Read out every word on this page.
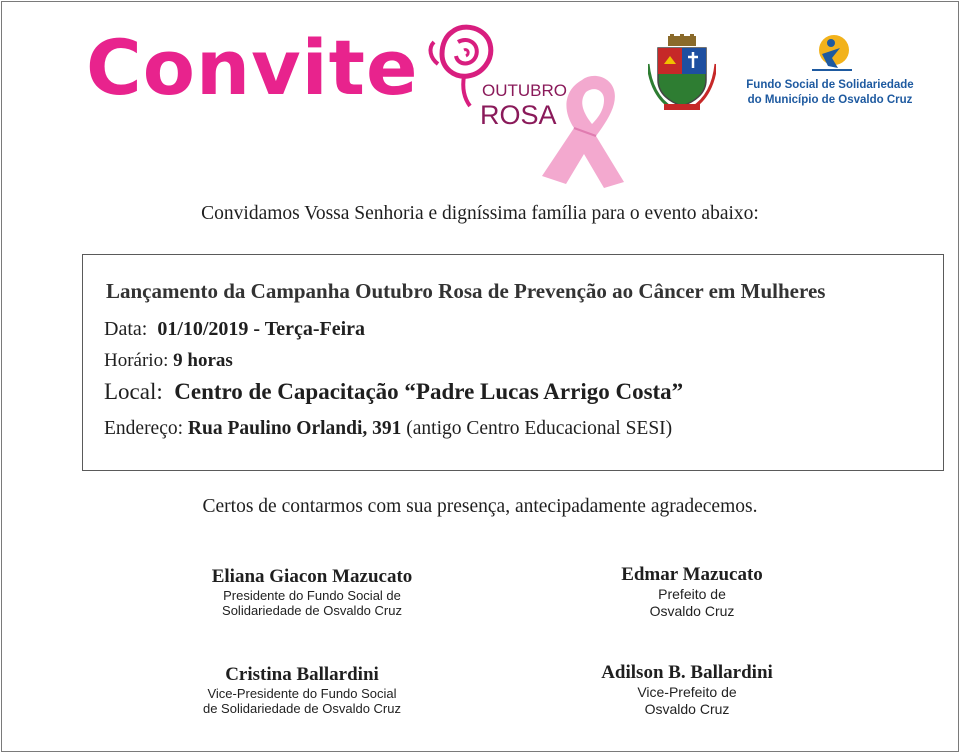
Convite	OUTUBRO
ROSA
Fundo Social de Solidariedade
do Município de Osvaldo Cruz
Convidamos Vossa Senhoria e digníssima família para o evento abaixo:
Lançamento da Campanha Outubro Rosa de Prevenção ao Câncer em Mulheres
Data: 01/10/2019 - Terça-Feira
Horário: 9 horas
Local: Centro de Capacitação “Padre Lucas Arrigo Costa”
Endereço: Rua Paulino Orlandi, 391 (antigo Centro Educacional SESI)
Certos de contarmos com sua presença, antecipadamente agradecemos.
Eliana Giacon Mazucato
Presidente do Fundo Social de
Solidariedade de Osvaldo Cruz
Edmar Mazucato
Prefeito de
Osvaldo Cruz
Cristina Ballardini
Vice-Presidente do Fundo Social
de Solidariedade de Osvaldo Cruz
Adilson B. Ballardini
Vice-Prefeito de
Osvaldo Cruz
